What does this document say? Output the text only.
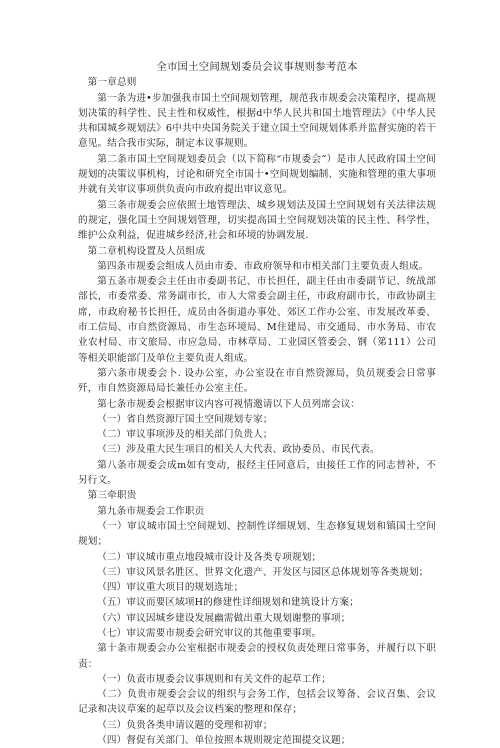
全市国土空间规划委员会议事规则参考范本

第一章总则

第一条为进•步加强我市国土空间规划管理，规范我市规委会决策程序，提高规划决策的科学性、民主性和权威性，根据d中华人民共和国土地管理法》《中华人民共和国城乡规划法》6中共中央国务院关于建立国土空间规划体系并监督实施的若干意见。结合我市实际，制定本议事规则。

第二条市国土空间规划委员会（以下简称“市规委会”）是市人民政府国土空间规划的决策议事机构，讨论和研究全市国十•空间规划编制、实施和管理的重大事项并就有关审议事项供负责向市政府提出审议意见。

第三条市规委会应依照土地管理法、城乡规划法及国土空间规划有关法律法规的规定，强化国土空间规划管理，切实提高国土空间规划决策的民主性、科学性，维护公众利益，促进城乡经济,社会和环境的协调发展.

第二章机构设置及人员组成

第四条市规委会组成人员由市委、市政府领导和市相关部门主要负责人组成。

第五条市规委会主任由市委副书记、市长担任，副主任由市委副节记、统战部部长，市委常委、常务副市长，市人大常委会副主任，市政府副市长，市政协副主席，市政府秘书长担任，成员由各街道办事处、郊区工作办公室、市发展改革委、市工信局、市自然资源局、市生态环境局、M住建局、市交通局、市水务局、市农业农村局、市文旅局、市应急局、市林草局、工业园区管委会、钢（笫111）公司等相关职能部门及单位主要负责人组成。

第六条市规委会卜. 设办公室，办公室设在市自然资源局，负员规委会日常事歼，市自然资源局局长兼任办公室主任。

第七条市规委会根据审议内容可视情邀请以下人员列席会议：

（一）省自然资源厅国土空间规划专家；

（二）审议事项涉及的相关部门负贵人；

（三）涉及重大民生项目的相关人大代表、政协委员、市民代表。

第八条市规委会成m如有变动，报经主任同意后，由接任工作的同志替补，不另行文。

第三牵职贵

第九条市规委会工作职贡

（一）审议城市国土空间规划、控制性详细规划、生态修复规划和镇国土空间规划；

（二）审议城市重点地段城市设计及各类专项规划；

（三）审议风景名胜区、世界文化遗产、开发区与园区总体规划等各类规划；

（四）审议重大项目的规划选址；

（五）审议而要区域项H的修建性详细规划和建筑设计方案；

（六）审议因城乡建设发展幽需做出重大规划谢整的事项；

（七）审议需要市规委会研究审议的其他重要事项。

第十条市规委会办公室根据市规委会的授权负责处理日常事务，并履行以下职责：

（一）负责市规委会议事规则和有关文件的起草工作；

（二）负贵市规委会会议的组织与会务工作，包括会议筹备、会议召集、会议记录和决议草案的起草以及会议档案的整理和保存；

（三）负贵各类申请议题的受理和初审；

（四）督促有关部门、单位按照本规则规定范围提交议题；
